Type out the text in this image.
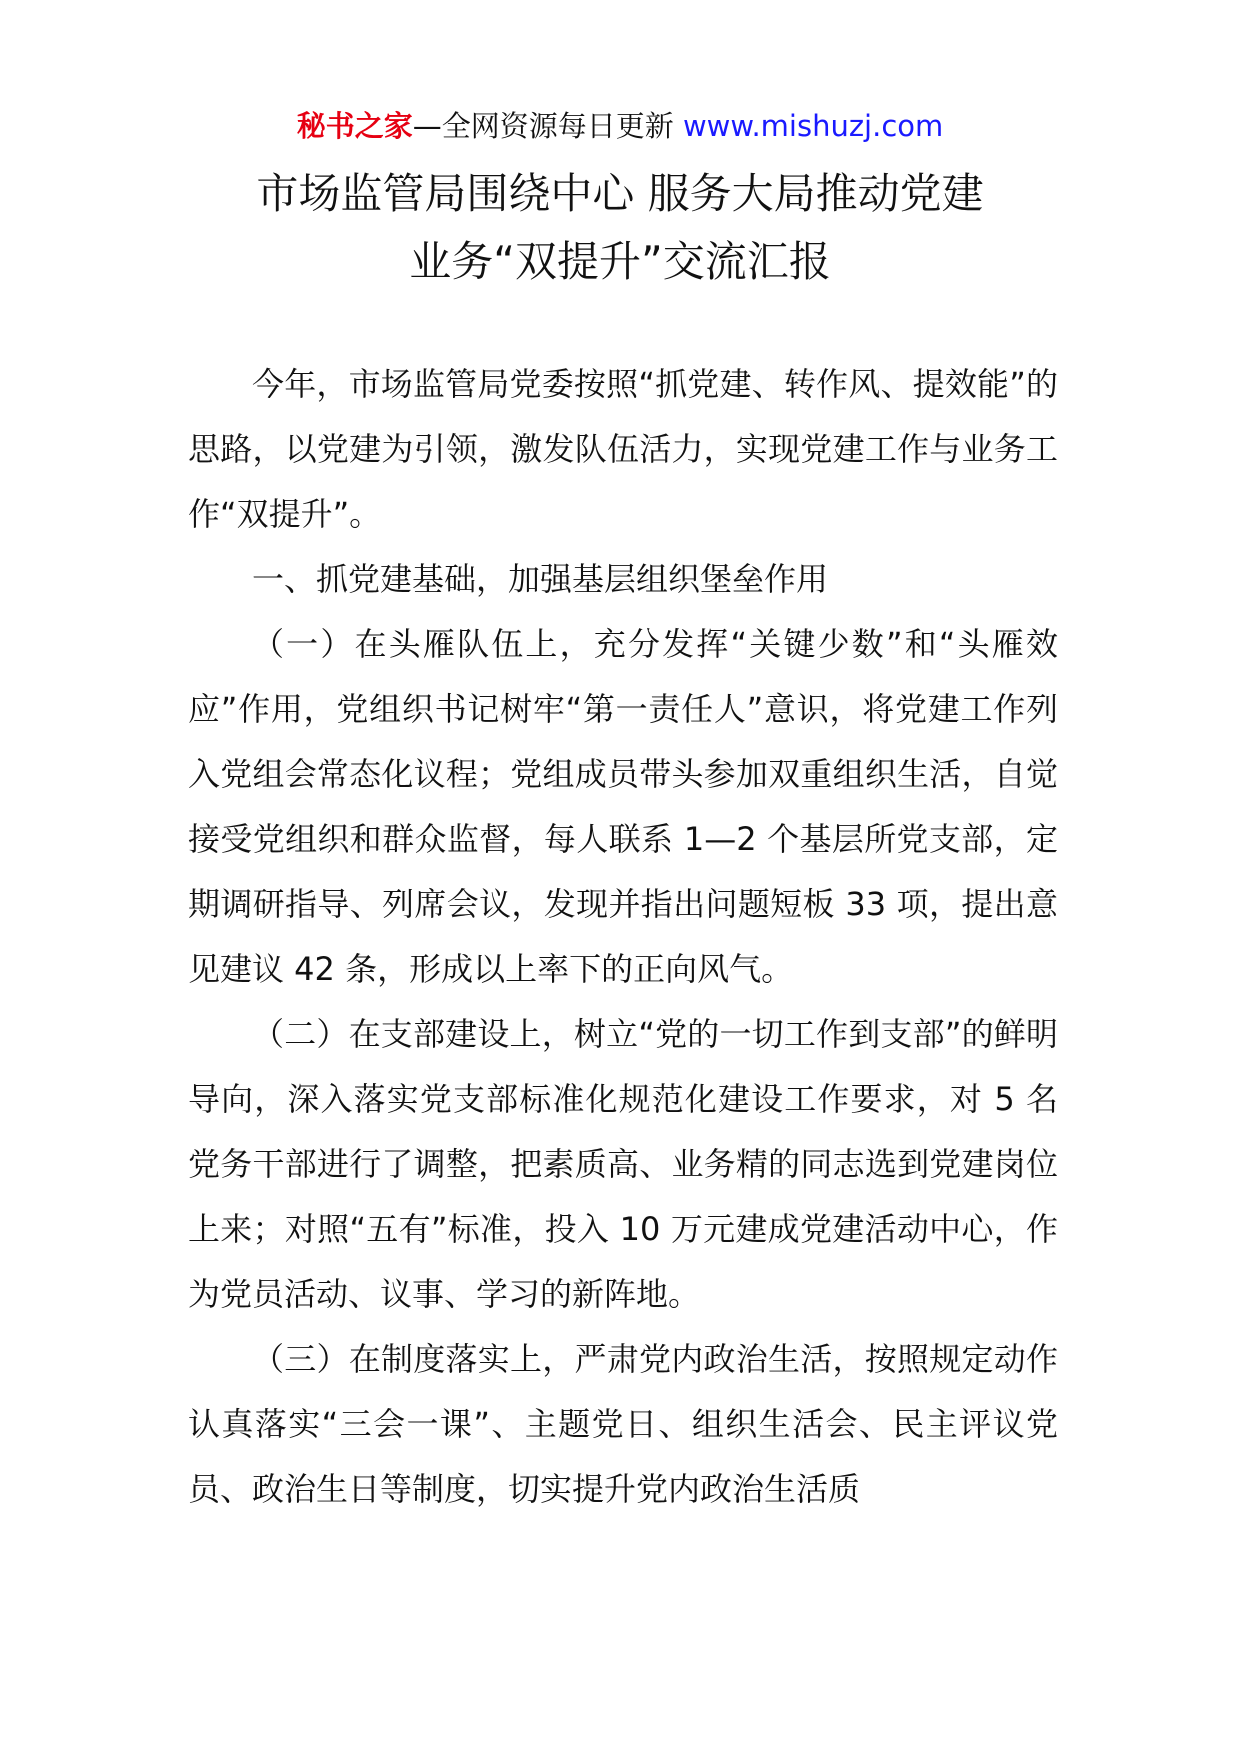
秘书之家—全网资源每日更新 www.mishuzj.com
市场监管局围绕中心 服务大局推动党建
业务“双提升”交流汇报

今年，市场监管局党委按照“抓党建、转作风、提效能”的思路，以党建为引领，激发队伍活力，实现党建工作与业务工作“双提升”。

一、抓党建基础，加强基层组织堡垒作用

（一）在头雁队伍上，充分发挥“关键少数”和“头雁效应”作用，党组织书记树牢“第一责任人”意识，将党建工作列入党组会常态化议程；党组成员带头参加双重组织生活，自觉接受党组织和群众监督，每人联系 1—2 个基层所党支部，定期调研指导、列席会议，发现并指出问题短板 33 项，提出意见建议 42 条，形成以上率下的正向风气。

（二）在支部建设上，树立“党的一切工作到支部”的鲜明导向，深入落实党支部标准化规范化建设工作要求，对 5 名党务干部进行了调整，把素质高、业务精的同志选到党建岗位上来；对照“五有”标准，投入 10 万元建成党建活动中心，作为党员活动、议事、学习的新阵地。

（三）在制度落实上，严肃党内政治生活，按照规定动作认真落实“三会一课”、主题党日、组织生活会、民主评议党员、政治生日等制度，切实提升党内政治生活质
